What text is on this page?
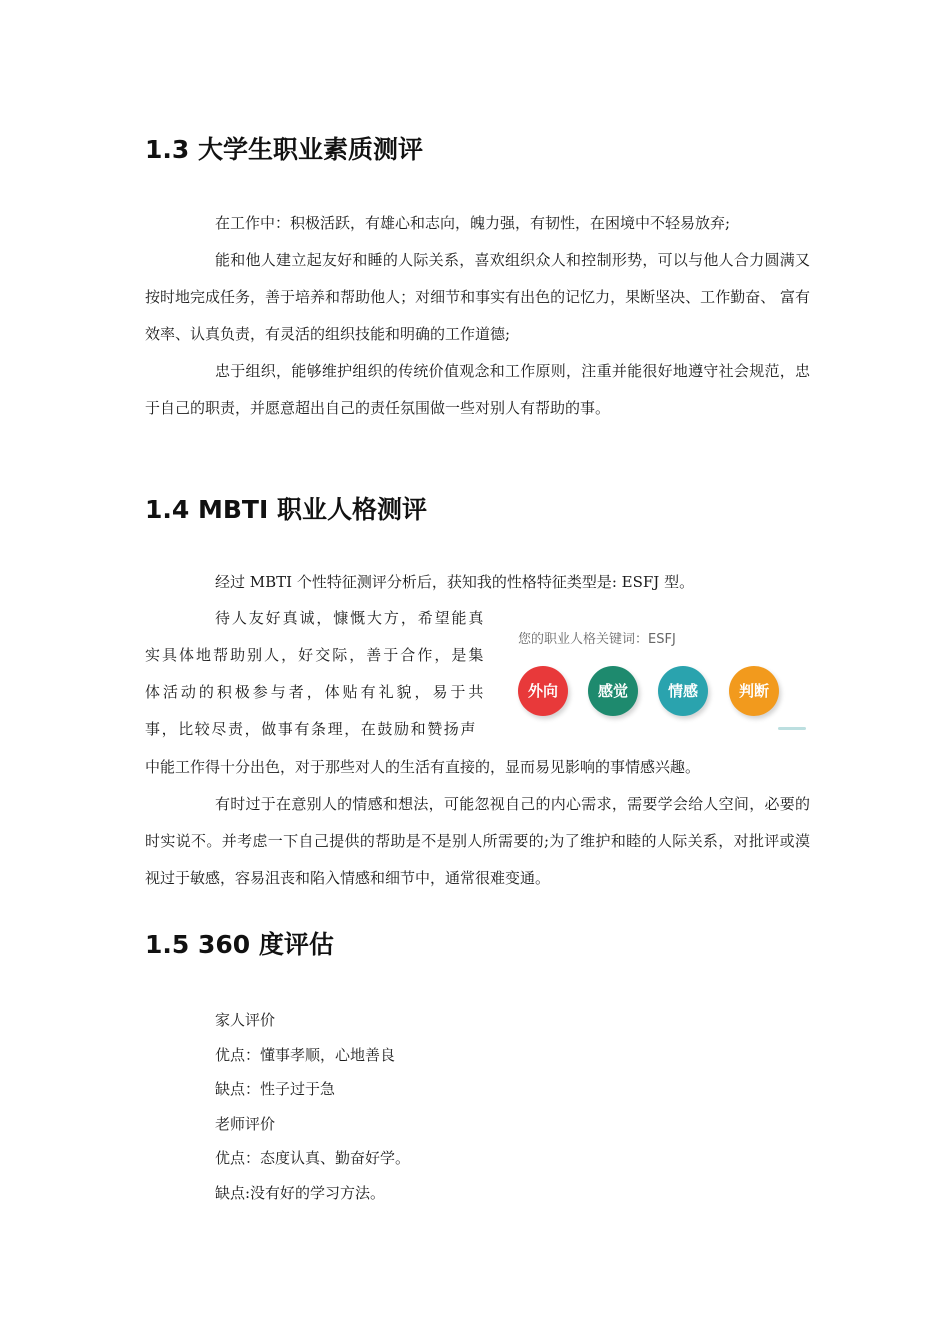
1.3 大学生职业素质测评

在工作中：积极活跃，有雄心和志向，魄力强，有韧性，在困境中不轻易放弃;

能和他人建立起友好和睡的人际关系，喜欢组织众人和控制形势，可以与他人合力圆满又按时地完成任务，善于培养和帮助他人；对细节和事实有出色的记忆力，果断坚决、工作勤奋、 富有效率、认真负责，有灵活的组织技能和明确的工作道德;

忠于组织，能够维护组织的传统价值观念和工作原则，注重并能很好地遵守社会规范，忠于自己的职责，并愿意超出自己的责任氛围做一些对别人有帮助的事。

1.4 MBTI 职业人格测评

经过 MBTI 个性特征测评分析后，获知我的性格特征类型是: ESFJ 型。

待人友好真诚，慷慨大方，希望能真实具体地帮助别人，好交际，善于合作，是集体活动的积极参与者，体贴有礼貌，易于共事，比较尽责，做事有条理，在鼓励和赞扬声

您的职业人格关键词：ESFJ
外向	感觉	情感	判断

中能工作得十分出色，对于那些对人的生活有直接的，显而易见影响的事情感兴趣。

有时过于在意别人的情感和想法，可能忽视自己的内心需求，需要学会给人空间，必要的时实说不。并考虑一下自己提供的帮助是不是别人所需要的;为了维护和睦的人际关系，对批评或漠视过于敏感，容易沮丧和陷入情感和细节中，通常很难变通。

1.5 360 度评估
家人评价
优点：懂事孝顺，心地善良
缺点：性子过于急
老师评价
优点：态度认真、勤奋好学。
缺点:没有好的学习方法。
